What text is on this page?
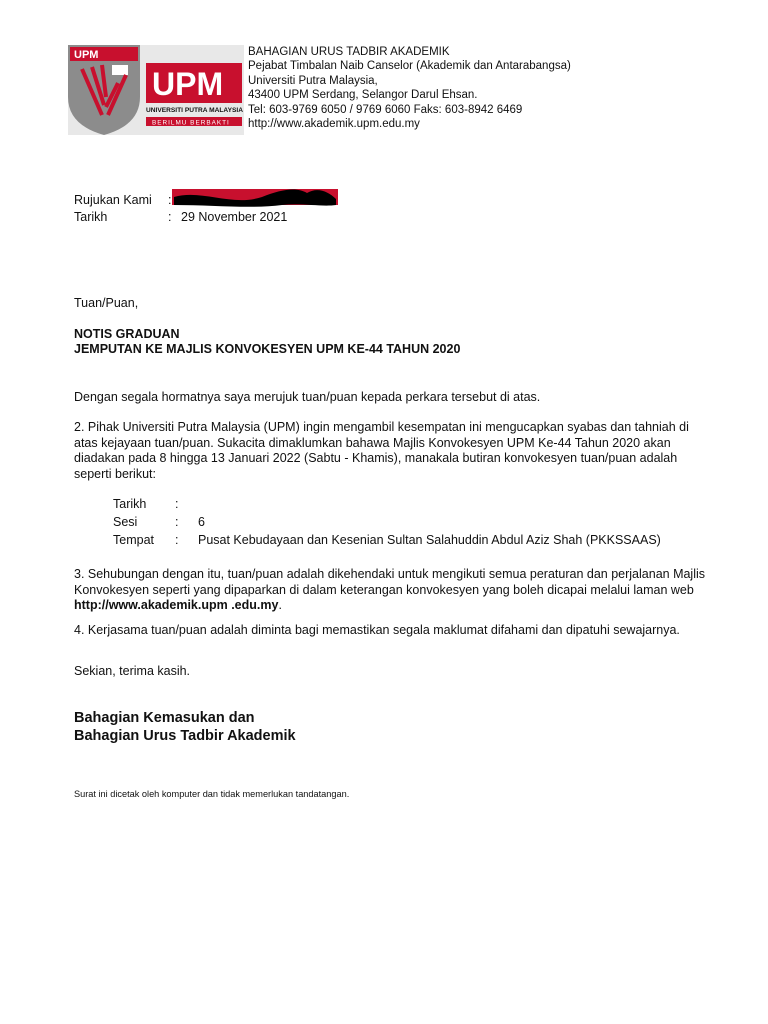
UPM
UPM
UNIVERSITI PUTRA MALAYSIA
BERILMU BERBAKTI
BAHAGIAN URUS TADBIR AKADEMIK
Pejabat Timbalan Naib Canselor (Akademik dan Antarabangsa)
Universiti Putra Malaysia,
43400 UPM Serdang, Selangor Darul Ehsan.
Tel: 603-9769 6050 / 9769 6060 Faks: 603-8942 6469
http://www.akademik.upm.edu.my
Rujukan Kami	:
Tarikh	: 29 November 2021
Tuan/Puan,
NOTIS GRADUAN
JEMPUTAN KE MAJLIS KONVOKESYEN UPM KE-44 TAHUN 2020
Dengan segala hormatnya saya merujuk tuan/puan kepada perkara tersebut di atas.
2. Pihak Universiti Putra Malaysia (UPM) ingin mengambil kesempatan ini mengucapkan syabas dan tahniah di
atas kejayaan tuan/puan. Sukacita dimaklumkan bahawa Majlis Konvokesyen UPM Ke-44 Tahun 2020 akan
diadakan pada 8 hingga 13 Januari 2022 (Sabtu - Khamis), manakala butiran konvokesyen tuan/puan adalah
seperti berikut:
Tarikh	:
Sesi	:	6
Tempat	:	Pusat Kebudayaan dan Kesenian Sultan Salahuddin Abdul Aziz Shah (PKKSSAAS)
3. Sehubungan dengan itu, tuan/puan adalah dikehendaki untuk mengikuti semua peraturan dan perjalanan Majlis
Konvokesyen seperti yang dipaparkan di dalam keterangan konvokesyen yang boleh dicapai melalui laman web
http://www.akademik.upm .edu.my.
4. Kerjasama tuan/puan adalah diminta bagi memastikan segala maklumat difahami dan dipatuhi sewajarnya.
Sekian, terima kasih.
Bahagian Kemasukan dan
Bahagian Urus Tadbir Akademik
Surat ini dicetak oleh komputer dan tidak memerlukan tandatangan.
